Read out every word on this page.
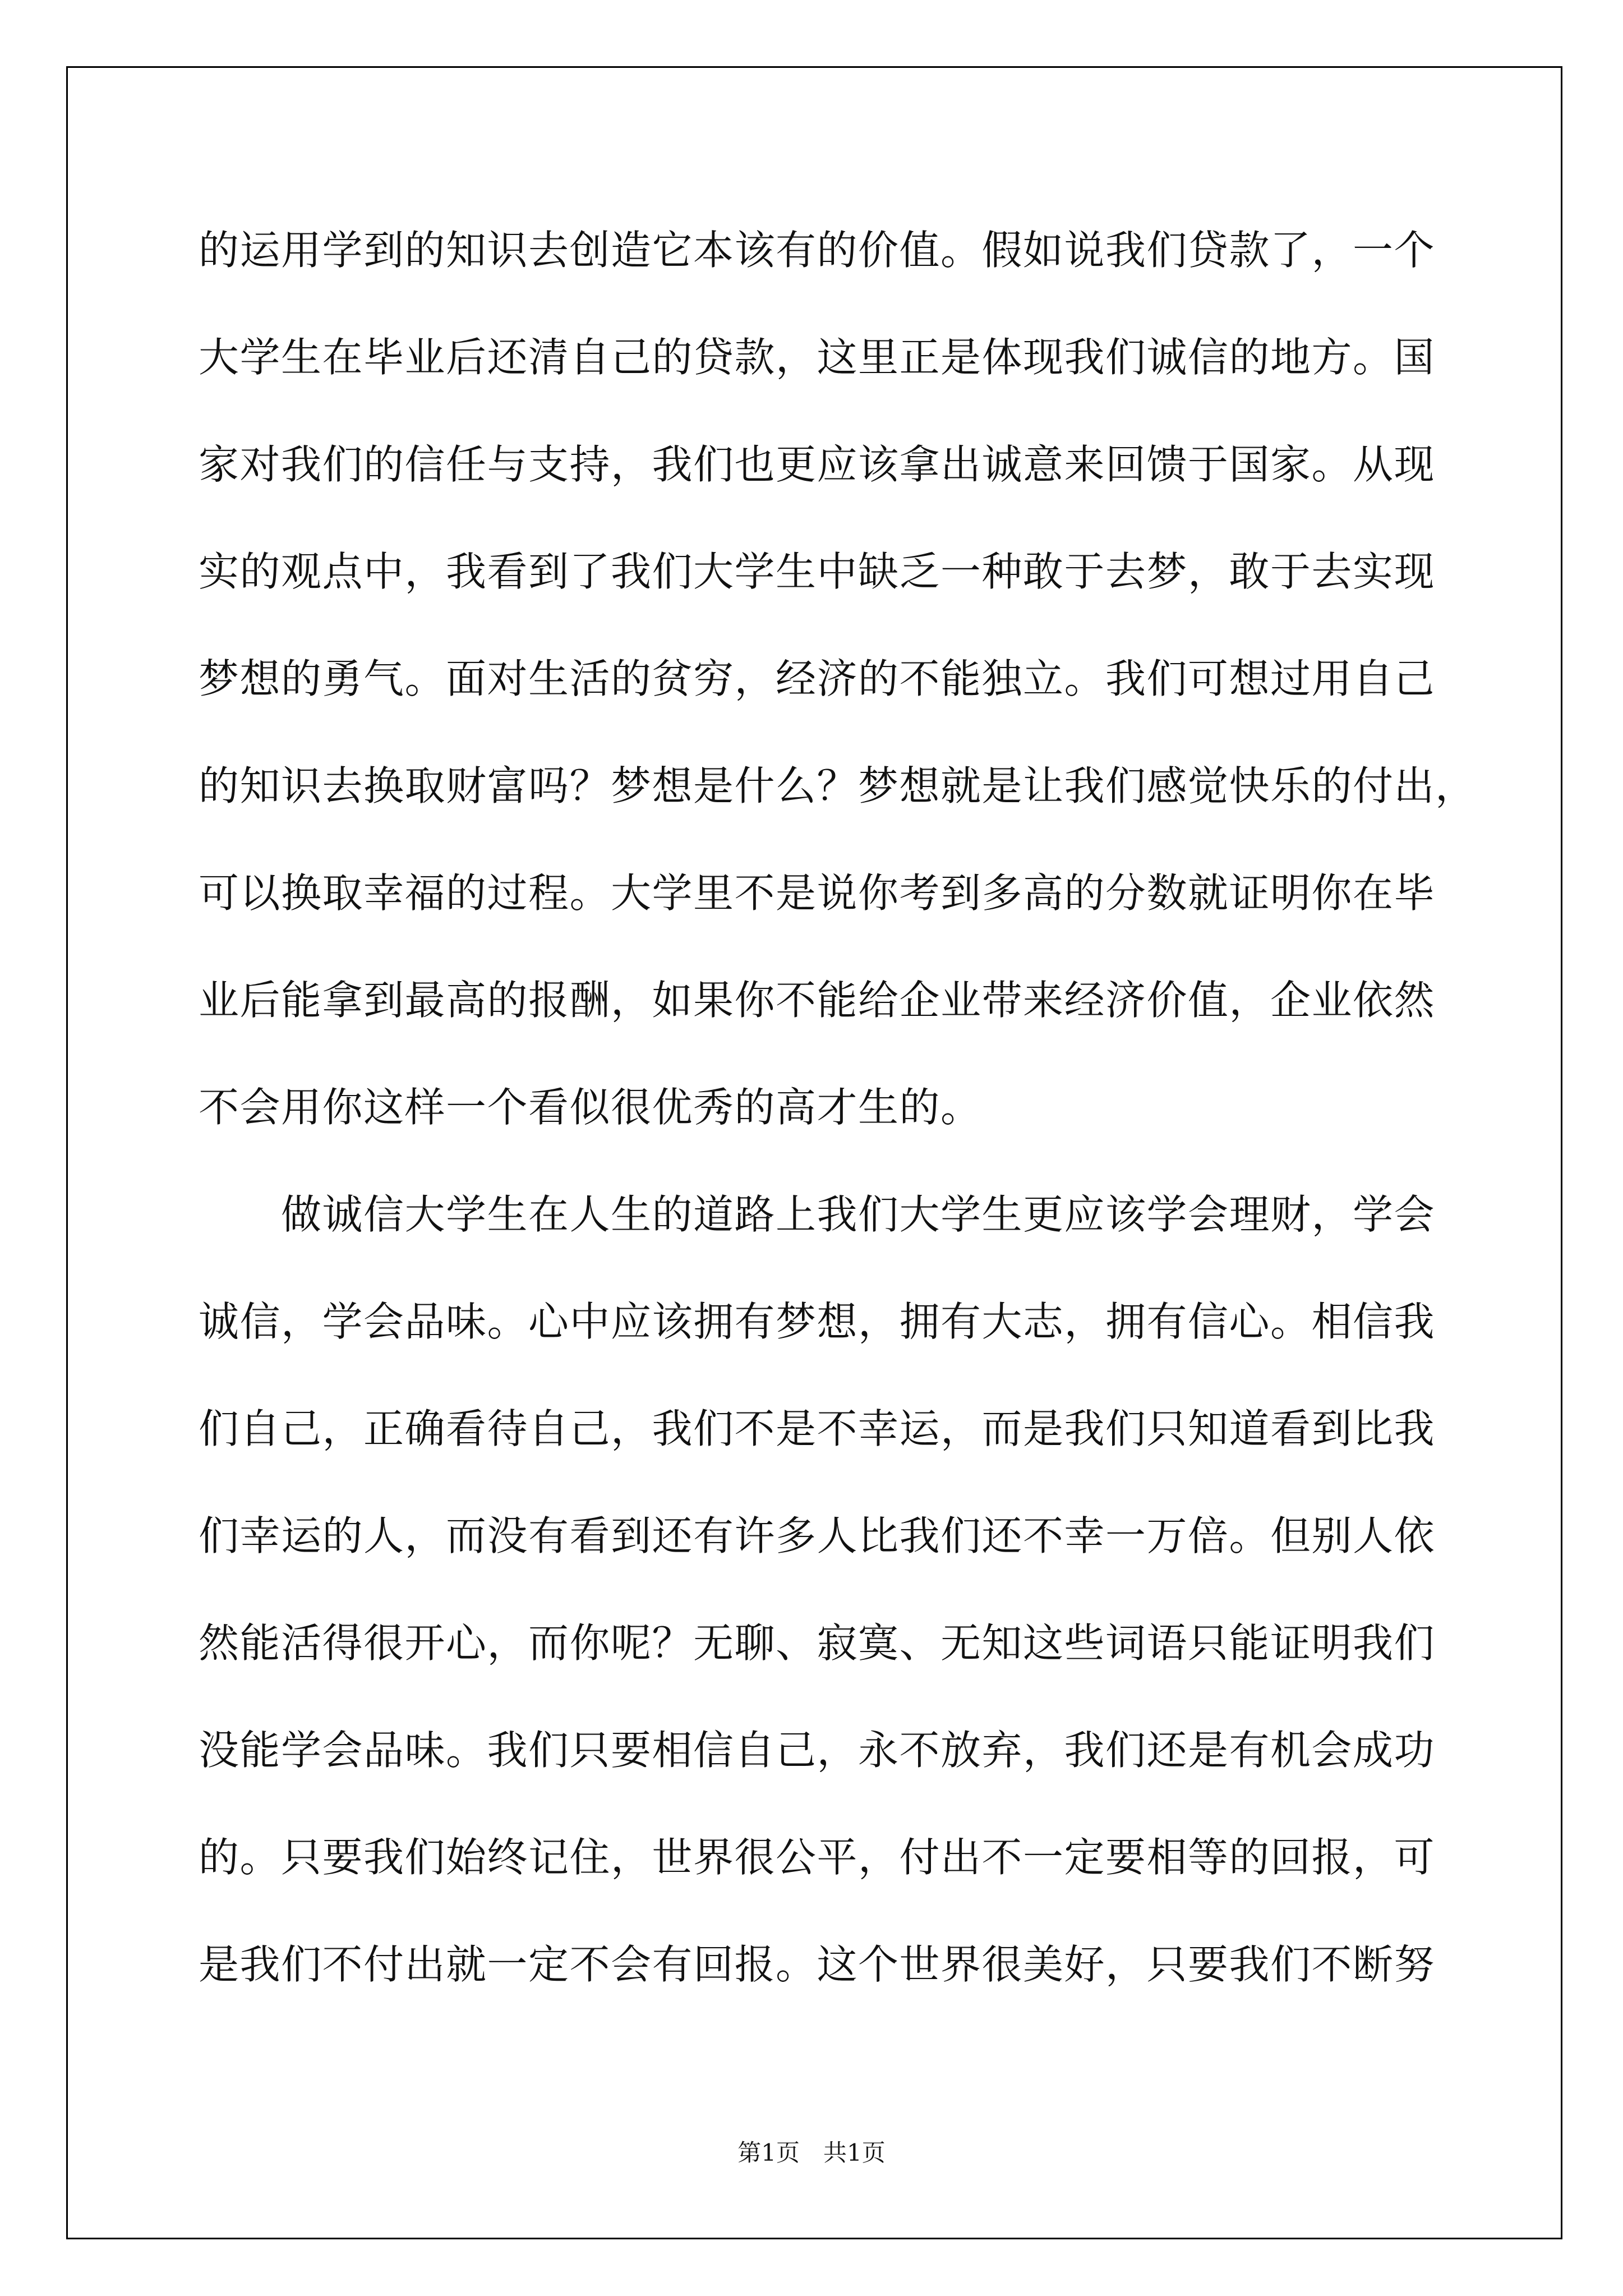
的运用学到的知识去创造它本该有的价值。假如说我们贷款了，一个
大学生在毕业后还清自己的贷款，这里正是体现我们诚信的地方。国
家对我们的信任与支持，我们也更应该拿出诚意来回馈于国家。从现
实的观点中，我看到了我们大学生中缺乏一种敢于去梦，敢于去实现
梦想的勇气。面对生活的贫穷，经济的不能独立。我们可想过用自己
的知识去换取财富吗？梦想是什么？梦想就是让我们感觉快乐的付出，
可以换取幸福的过程。大学里不是说你考到多高的分数就证明你在毕
业后能拿到最高的报酬，如果你不能给企业带来经济价值，企业依然
不会用你这样一个看似很优秀的高才生的。
做诚信大学生在人生的道路上我们大学生更应该学会理财，学会
诚信，学会品味。心中应该拥有梦想，拥有大志，拥有信心。相信我
们自己，正确看待自己，我们不是不幸运，而是我们只知道看到比我
们幸运的人，而没有看到还有许多人比我们还不幸一万倍。但别人依
然能活得很开心，而你呢？无聊、寂寞、无知这些词语只能证明我们
没能学会品味。我们只要相信自己，永不放弃，我们还是有机会成功
的。只要我们始终记住，世界很公平，付出不一定要相等的回报，可
是我们不付出就一定不会有回报。这个世界很美好，只要我们不断努
第1页 共1页
